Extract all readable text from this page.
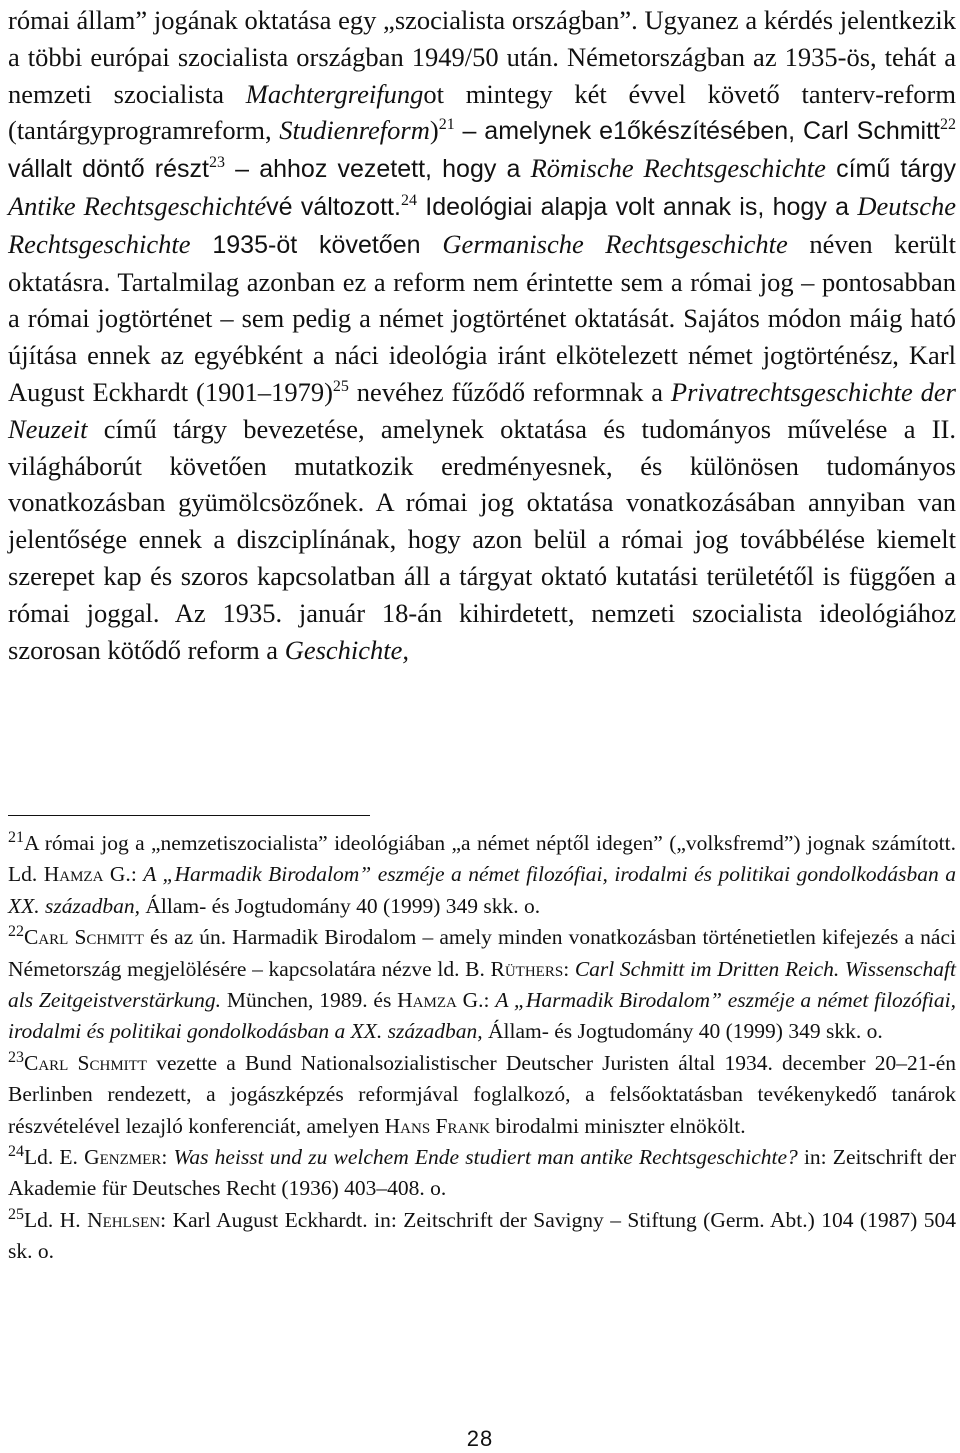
római állam” jogának oktatása egy „szocialista országban”. Ugyanez a kérdés jelentkezik a többi európai szocialista országban 1949/50 után. Németországban az 1935-ös, tehát a nemzeti szocialista Machtergreifungot mintegy két évvel követő tanterv-reform (tantárgyprogramreform, Studienreform)$^{21}$ – amelynek e1őkészítésében, Carl Schmitt$^{22}$ vállalt döntő részt$^{23}$ – ahhoz vezetett, hogy a Römische Rechtsgeschichte című tárgy Antike Rechtsgeschichtévé változott.$^{24}$ Ideológiai alapja volt annak is, hogy a Deutsche Rechtsgeschichte 1935-öt követően Germanische Rechtsgeschichte néven került oktatásra. Tartalmilag azonban ez a reform nem érintette sem a római jog – pontosabban a római jogtörténet – sem pedig a német jogtörténet oktatását. Sajátos módon máig ható újítása ennek az egyébként a náci ideológia iránt elkötelezett német jogtörténész, Karl August Eckhardt (1901–1979)$^{25}$ nevéhez fűződő reformnak a Privatrechtsgeschichte der Neuzeit című tárgy bevezetése, amelynek oktatása és tudományos művelése a II. világháborút követően mutatkozik eredményesnek, és különösen tudományos vonatkozásban gyümölcsözőnek. A római jog oktatása vonatkozásában annyiban van jelentősége ennek a diszciplínának, hogy azon belül a római jog továbbélése kiemelt szerepet kap és szoros kapcsolatban áll a tárgyat oktató kutatási területétől is függően a római joggal. Az 1935. január 18-án kihirdetett, nemzeti szocialista ideológiához szorosan kötődő reform a Geschichte,

$^{21}$A római jog a „nemzetiszocialista” ideológiában „a német néptől idegen” („volksfremd”) jognak számított. Ld. Hamza G.: A „Harmadik Birodalom” eszméje a német filozófiai, irodalmi és politikai gondolkodásban a XX. században, Állam- és Jogtudomány 40 (1999) 349 skk. o.

$^{22}$Carl Schmitt és az ún. Harmadik Birodalom – amely minden vonatkozásban történetietlen kifejezés a náci Németország megjelölésére – kapcsolatára nézve ld. B. Rüthers: Carl Schmitt im Dritten Reich. Wissenschaft als Zeitgeistverstärkung. München, 1989. és Hamza G.: A „Harmadik Birodalom” eszméje a német filozófiai, irodalmi és politikai gondolkodásban a XX. században, Állam- és Jogtudomány 40 (1999) 349 skk. o.

$^{23}$Carl Schmitt vezette a Bund Nationalsozialistischer Deutscher Juristen által 1934. december 20–21-én Berlinben rendezett, a jogászképzés reformjával foglalkozó, a felsőoktatásban tevékenykedő tanárok részvételével lezajló konferenciát, amelyen Hans Frank birodalmi miniszter elnökölt.

$^{24}$Ld. E. Genzmer: Was heisst und zu welchem Ende studiert man antike Rechtsgeschichte? in: Zeitschrift der Akademie für Deutsches Recht (1936) 403–408. o.

$^{25}$Ld. H. Nehlsen: Karl August Eckhardt. in: Zeitschrift der Savigny – Stiftung (Germ. Abt.) 104 (1987) 504 sk. o.

28
